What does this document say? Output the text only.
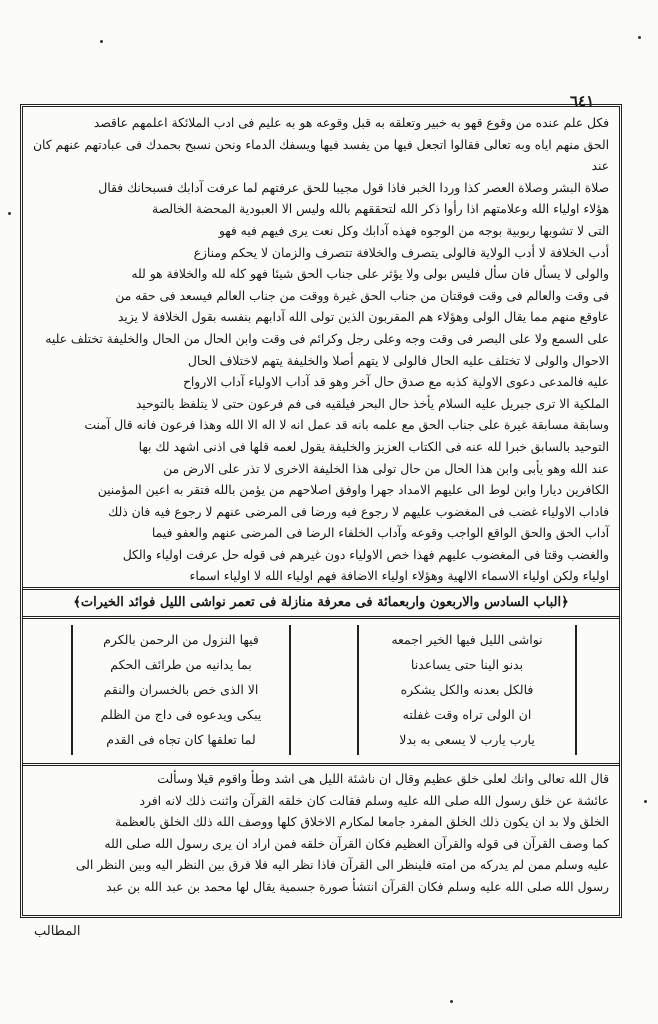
٦٤١

فكل علم عنده من وقوع قهو به خبير وتعلقه به قبل وقوعه هو به عليم فى ادب الملائكة اعلمهم عاقصد

الحق منهم اياه وبه تعالى فقالوا اتجعل فيها من يفسد فيها ويسفك الدماء ونحن نسبح بحمدك فى عبادتهم عنهم كان عند

صلاة البشر وصلاة العصر كذا وردا الخبر فاذا قول مجيبا للحق عرفتهم لما عرفت آدابك فسبحانك فقال

هؤلاء اولياء الله وعلامتهم اذا رأوا ذكر الله لتحققهم بالله وليس الا العبودية المحضة الخالصة

التى لا تشوبها ربوبية بوجه من الوجوه فهذه آدابك وكل نعت يرى فيهم فيه فهو

أدب الخلافة لا أدب الولاية فالولى يتصرف والخلافة تتصرف والزمان لا يحكم ومنازع

والولى لا يسأل فان سأل فليس بولى ولا يؤثر على جناب الحق شيئا فهو كله لله والخلافة هو لله

فى وقت والعالم فى وقت فوقتان من جناب الحق غيرة ووقت من جناب العالم فيسعد فى حقه من

عاوقع منهم مما يقال الولى وهؤلاء هم المقربون الذين تولى الله آدابهم بنفسه بقول الخلافة لا يزيد

على السمع ولا على البصر فى وقت وجه وعلى رجل وكرائم فى وقت وابن الحال من الحال والخليفة تختلف عليه

الاحوال والولى لا تختلف عليه الحال فالولى لا يتهم أصلا والخليفة يتهم لاختلاف الحال

عليه فالمدعى دعوى الاولية كذبه مع صدق حال آخر وهو قد آداب الاولياء آداب الارواح

الملكية الا ترى جبريل عليه السلام يأخذ حال البحر فيلقيه فى فم فرعون حتى لا يتلفظ بالتوحيد

وسابقة مسابقة غيرة على جناب الحق مع علمه بانه قد عمل انه لا اله الا الله وهذا فرعون فانه قال آمنت

التوحيد بالسابق خبرا لله عنه فى الكتاب العزيز والخليفة يقول لعمه قلها فى اذنى اشهد لك بها

عند الله وهو يأبى وابن هذا الحال من حال تولى هذا الخليفة الاخرى لا تذر على الارض من

الكافرين ديارا وابن لوط الى عليهم الامداد جهرا واوفق اصلاحهم من يؤمن بالله فتقر به اعين المؤمنين

فاداب الاولياء غضب فى المغضوب عليهم لا رجوع فيه ورضا فى المرضى عنهم لا رجوع فيه فان ذلك

آداب الحق والحق الواقع الواجب وقوعه وآداب الخلفاء الرضا فى المرضى عنهم والعفو فيما

والغضب وقتا فى المغضوب عليهم فهذا خص الاولياء دون غيرهم فى قوله حل عرفت اولياء والكل

اولياء ولكن اولياء الاسماء الالهية وهؤلاء اولياء الاضافة فهم اولياء الله لا اولياء اسماء

﴿الباب السادس والاربعون واربعمائة فى معرفة منازلة فى تعمر نواشى الليل فوائد الخيرات﴾
نواشى الليل فيها الخير اجمعه
بدنو الينا حتى يساعدنا
فالكل بعدنه والكل يشكره
ان الولى تراه وقت غفلته
يارب يارب لا يسعى به بدلا
فيها النزول من الرحمن بالكرم
بما يدانيه من طرائف الحكم
الا الذى خص بالخسران والنقم
يبكى ويدعوه فى داج من الظلم
لما تعلقها كان تجاه فى القدم

قال الله تعالى وانك لعلى خلق عظيم وقال ان ناشئة الليل هى اشد وطأ واقوم قيلا وسألت

عائشة عن خلق رسول الله صلى الله عليه وسلم فقالت كان خلقه القرآن واثنت ذلك لانه افرد

الخلق ولا بد ان يكون ذلك الخلق المفرد جامعا لمكارم الاخلاق كلها ووصف الله ذلك الخلق بالعظمة

كما وصف القرآن فى قوله والقرآن العظيم فكان القرآن خلقه فمن اراد ان يرى رسول الله صلى الله

عليه وسلم ممن لم يدركه من امته فلينظر الى القرآن فاذا نظر اليه فلا فرق بين النظر اليه وبين النظر الى

رسول الله صلى الله عليه وسلم فكان القرآن انتشأ صورة جسمية يقال لها محمد بن عبد الله بن عبد

المطالب
